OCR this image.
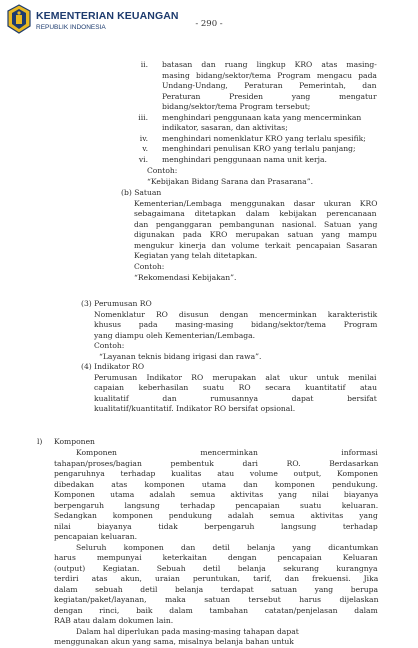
KEMENTERIAN KEUANGAN
REPUBLIK INDONESIA	- 290 -
ii. batasan dan ruang lingkup KRO atas masing-
masing bidang/sektor/tema Program mengacu pada
Undang-Undang, Peraturan Pemerintah, dan
Peraturan Presiden yang mengatur
bidang/sektor/tema Program tersebut;
iii. menghindari penggunaan kata yang mencerminkan
indikator, sasaran, dan aktivitas;
iv. menghindari nomenklatur KRO yang terlalu spesifik;
v. menghindari penulisan KRO yang terlalu panjang;
vi. menghindari penggunaan nama unit kerja.
Contoh:
“Kebijakan Bidang Sarana dan Prasarana”.
(b) Satuan
Kementerian/Lembaga menggunakan dasar ukuran KRO
sebagaimana ditetapkan dalam kebijakan perencanaan
dan penganggaran pembangunan nasional. Satuan yang
digunakan pada KRO merupakan satuan yang mampu
mengukur kinerja dan volume terkait pencapaian Sasaran
Kegiatan yang telah ditetapkan.
Contoh:
“Rekomendasi Kebijakan”.
(3) Perumusan RO
Nomenklatur RO disusun dengan mencerminkan karakteristik
khusus pada masing-masing bidang/sektor/tema Program
yang diampu oleh Kementerian/Lembaga.
Contoh:
“Layanan teknis bidang irigasi dan rawa”.
(4) Indikator RO
Perumusan Indikator RO merupakan alat ukur untuk menilai
capaian keberhasilan suatu RO secara kuantitatif atau
kualitatif dan rumusannya dapat bersifat
kualitatif/kuantitatif. Indikator RO bersifat opsional.
l) Komponen
Komponen mencerminkan informasi
tahapan/proses/bagian pembentuk dari RO. Berdasarkan
pengaruhnya terhadap kualitas atau volume output, Komponen
dibedakan atas komponen utama dan komponen pendukung.
Komponen utama adalah semua aktivitas yang nilai biayanya
berpengaruh langsung terhadap pencapaian suatu keluaran.
Sedangkan komponen pendukung adalah semua aktivitas yang
nilai biayanya tidak berpengaruh langsung terhadap
pencapaian keluaran.
Seluruh komponen dan detil belanja yang dicantumkan
harus mempunyai keterkaitan dengan pencapaian Keluaran
(output) Kegiatan. Sebuah detil belanja sekurang kurangnya
terdiri atas akun, uraian peruntukan, tarif, dan frekuensi. Jika
dalam sebuah detil belanja terdapat satuan yang berupa
kegiatan/paket/layanan, maka satuan tersebut harus dijelaskan
dengan rinci, baik dalam tambahan catatan/penjelasan dalam
RAB atau dalam dokumen lain.
Dalam hal diperlukan pada masing-masing tahapan dapat
menggunakan akun yang sama, misalnya belanja bahan untuk
